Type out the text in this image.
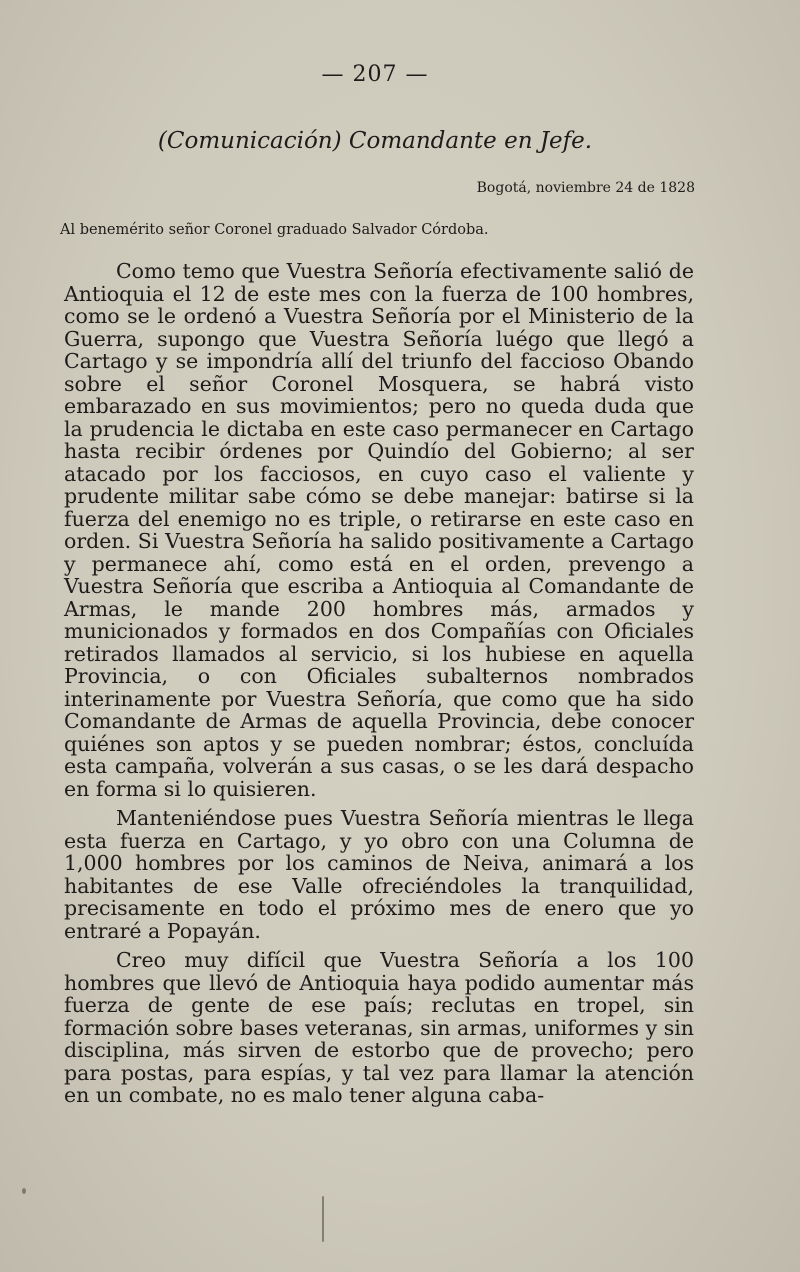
— 207 —
(Comunicación) Comandante en Jefe.
Bogotá, noviembre 24 de 1828
Al benemérito señor Coronel graduado Salvador Córdoba.

Como temo que Vuestra Señoría efectivamente salió de Antioquia el 12 de este mes con la fuerza de 100 hombres, como se le ordenó a Vuestra Señoría por el Ministerio de la Guerra, supongo que Vuestra Señoría luégo que llegó a Cartago y se impondría allí del triunfo del faccioso Obando sobre el señor Coronel Mosquera, se habrá visto embarazado en sus movimientos; pero no queda duda que la prudencia le dictaba en este caso permanecer en Cartago hasta recibir órdenes por Quindío del Gobierno; al ser atacado por los facciosos, en cuyo caso el valiente y prudente militar sabe cómo se debe manejar: batirse si la fuerza del enemigo no es triple, o retirarse en este caso en orden. Si Vuestra Señoría ha salido positivamente a Cartago y permanece ahí, como está en el orden, prevengo a Vuestra Señoría que escriba a Antioquia al Comandante de Armas, le mande 200 hombres más, armados y municionados y formados en dos Compañías con Oficiales retirados llamados al servicio, si los hubiese en aquella Provincia, o con Oficiales subalternos nombrados interinamente por Vuestra Señoría, que como que ha sido Comandante de Armas de aquella Provincia, debe conocer quiénes son aptos y se pueden nombrar; éstos, concluída esta campaña, volverán a sus casas, o se les dará despacho en forma si lo quisieren.

Manteniéndose pues Vuestra Señoría mientras le llega esta fuerza en Cartago, y yo obro con una Columna de 1,000 hombres por los caminos de Neiva, animará a los habitantes de ese Valle ofreciéndoles la tranquilidad, precisamente en todo el próximo mes de enero que yo entraré a Popayán.

Creo muy difícil que Vuestra Señoría a los 100 hombres que llevó de Antioquia haya podido aumentar más fuerza de gente de ese país; reclutas en tropel, sin formación sobre bases veteranas, sin armas, uniformes y sin disciplina, más sirven de estorbo que de provecho; pero para postas, para espías, y tal vez para llamar la atención en un combate, no es malo tener alguna caba-
